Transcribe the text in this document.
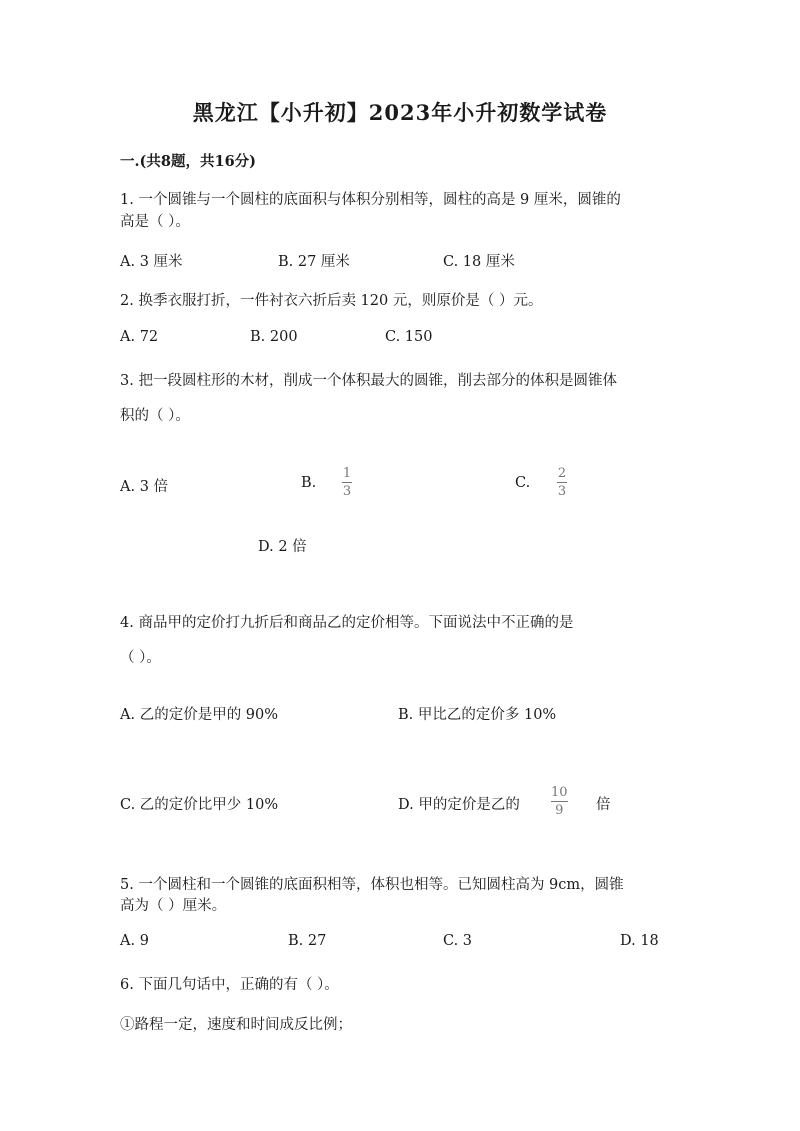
黑龙江【小升初】2023年小升初数学试卷
一.(共8题，共16分)
1. 一个圆锥与一个圆柱的底面积与体积分别相等，圆柱的高是 9 厘米，圆锥的
高是（ ）。
A. 3 厘米	B. 27 厘米	C. 18 厘米
2. 换季衣服打折，一件衬衣六折后卖 120 元，则原价是（ ）元。
A. 72	B. 200	C. 150
3. 把一段圆柱形的木材，削成一个体积最大的圆锥，削去部分的体积是圆锥体
积的（ ）。
A. 3 倍	B.
1
3
C.
2
3
D. 2 倍
4. 商品甲的定价打九折后和商品乙的定价相等。下面说法中不正确的是
（ ）。
A. 乙的定价是甲的 90%	B. 甲比乙的定价多 10%
C. 乙的定价比甲少 10%	D. 甲的定价是乙的
10
9 倍
5. 一个圆柱和一个圆锥的底面积相等，体积也相等。已知圆柱高为 9cm，圆锥
高为（ ）厘米。
A. 9	B. 27	C. 3	D. 18
6. 下面几句话中，正确的有（ ）。
①路程一定，速度和时间成反比例；
